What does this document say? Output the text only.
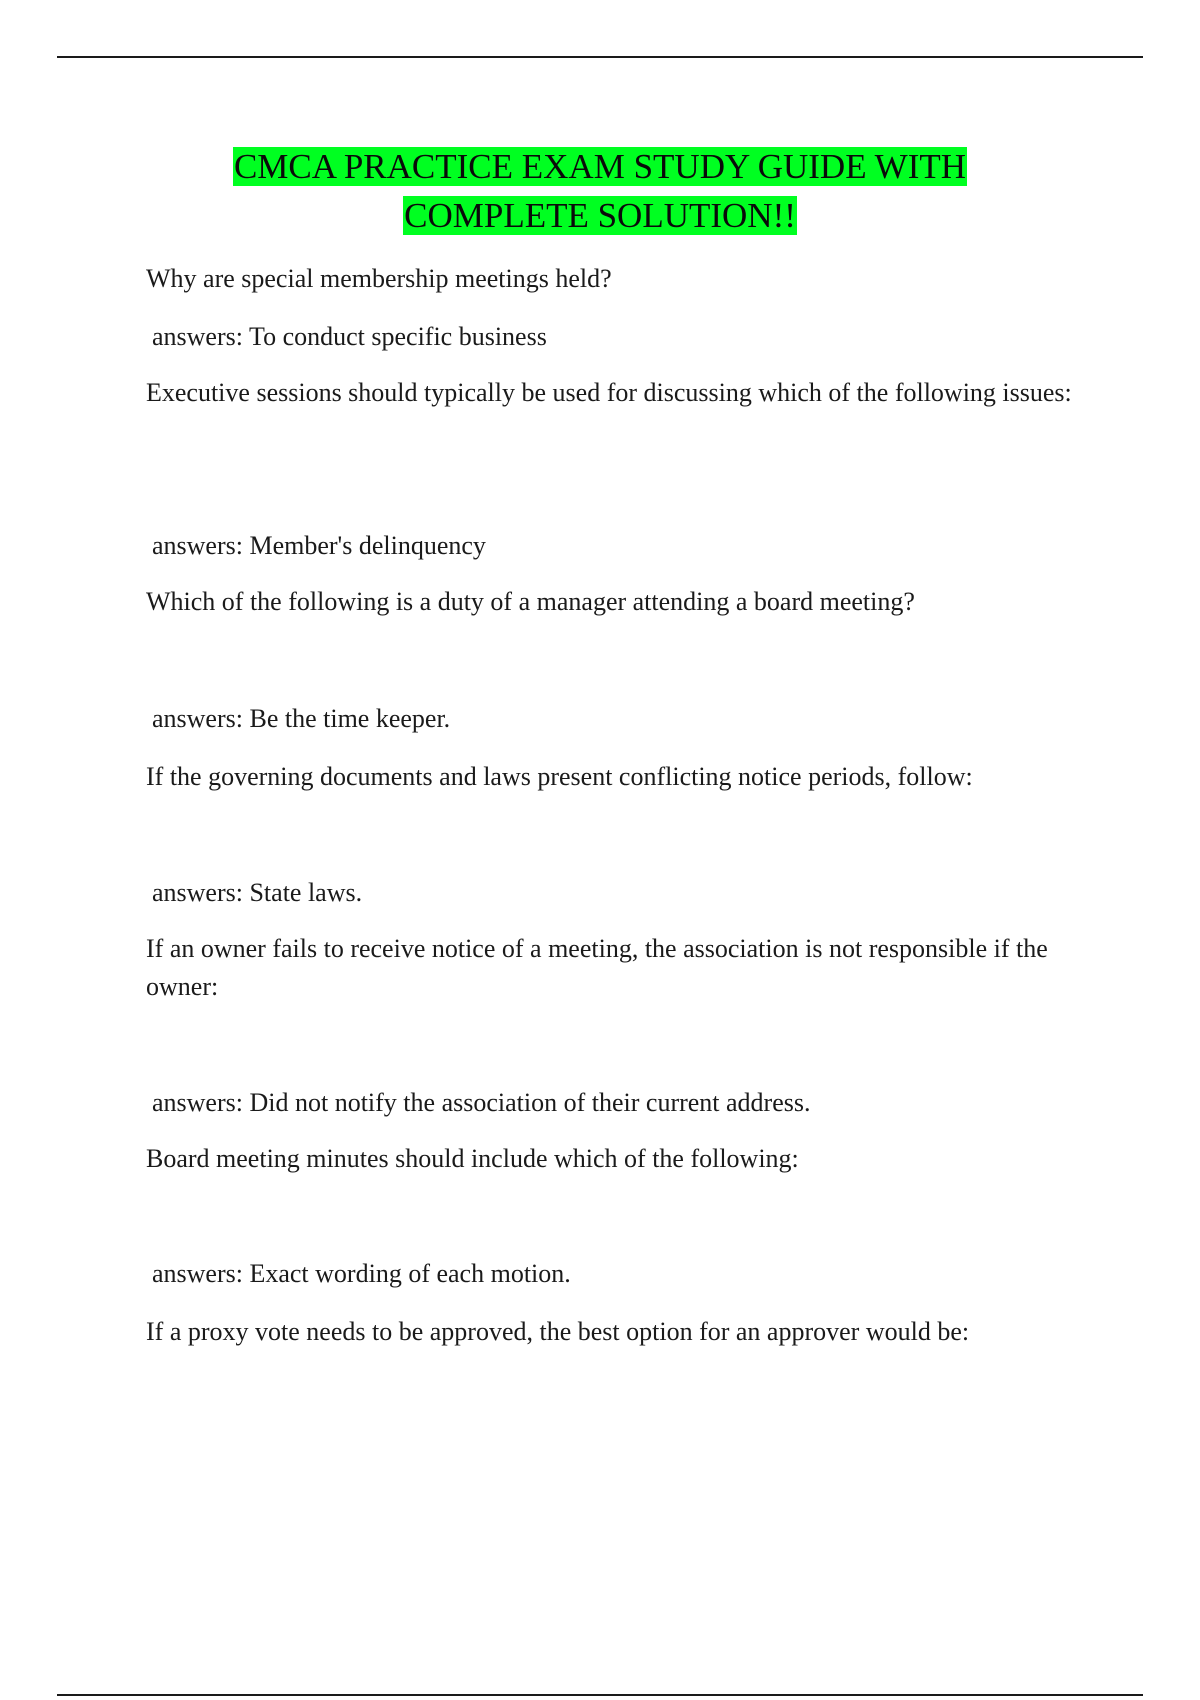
CMCA PRACTICE EXAM STUDY GUIDE WITH
COMPLETE SOLUTION!!

Why are special membership meetings held?

answers: To conduct specific business

Executive sessions should typically be used for discussing which of the following issues:

answers: Member's delinquency

Which of the following is a duty of a manager attending a board meeting?

answers: Be the time keeper.

If the governing documents and laws present conflicting notice periods, follow:

answers: State laws.

If an owner fails to receive notice of a meeting, the association is not responsible if the owner:

answers: Did not notify the association of their current address.

Board meeting minutes should include which of the following:

answers: Exact wording of each motion.

If a proxy vote needs to be approved, the best option for an approver would be:
